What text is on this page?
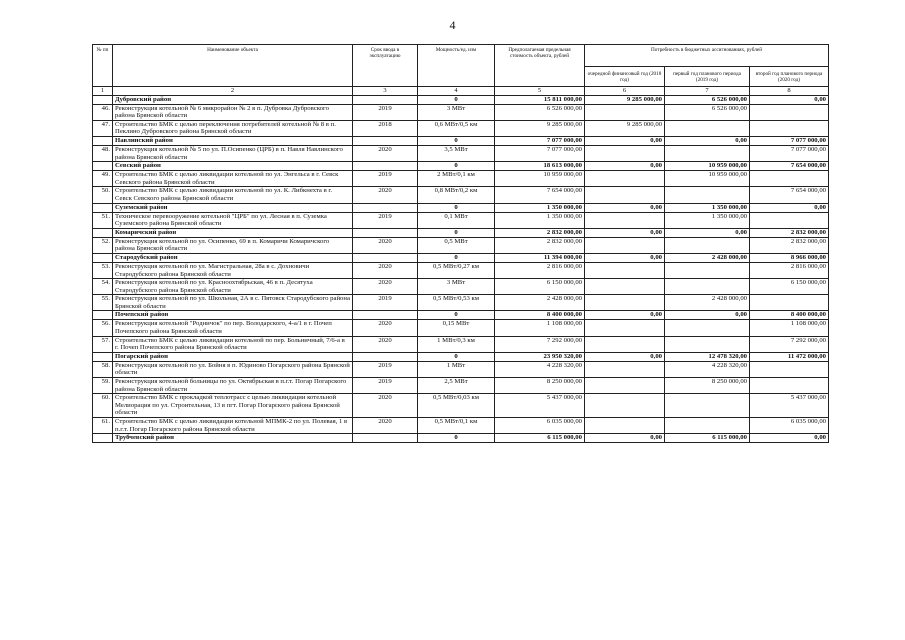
4
№ пп	Наименование объекта	Срок ввода в эксплуатацию	Мощность/ед. изм	Предполагаемая предельная стоимость объекта, рублей	Потребность в бюджетных ассигнованиях, рублей		
					очередной финансовый год (2018 год)	первый год планового периода (2019 год)	второй год планового периода (2020 год)
1	2	3	4	5	6	7	8
	Дубровский район		0	15 811 000,00	9 285 000,00	6 526 000,00	0,00
46.	Реконструкция котельной № 6 микрорайон № 2 в п. Дубровка Дубровского района Брянской области	2019	3 МВт	6 526 000,00		6 526 000,00	
47.	Строительство БМК с целью переключения потребителей котельной № 8 в п. Пеклино Дубровского района Брянской области	2018	0,6 МВт/0,5 км	9 285 000,00	9 285 000,00		
	Навлинский район		0	7 077 000,00	0,00	0,00	7 077 000,00
48.	Реконструкция котельной № 5 по ул. П.Осипенко (ЦРБ) в п. Навля Навлинского района Брянской области	2020	3,5 МВт	7 077 000,00			7 077 000,00
	Севский район		0	18 613 000,00	0,00	10 959 000,00	7 654 000,00
49.	Строительство БМК с целью ликвидации котельной по ул. Энгельса в г. Севск Севского района Брянской области	2019	2 МВт/0,1 км	10 959 000,00		10 959 000,00	
50.	Строительство БМК с целью ликвидации котельной по ул. К. Либкнехта в г. Севск Севского района Брянской области	2020	0,8 МВт/0,2 км	7 654 000,00			7 654 000,00
	Суземский район		0	1 350 000,00	0,00	1 350 000,00	0,00
51.	Техническое перевооружение котельной "ЦРБ" по ул. Лесная в п. Суземка Суземского района Брянской области	2019	0,1 МВт	1 350 000,00		1 350 000,00	
	Комаричский район		0	2 832 000,00	0,00	0,00	2 832 000,00
52.	Реконструкция котельной по ул. Осипенко, 69 в п. Комаричи Комаричского района Брянской области	2020	0,5 МВт	2 832 000,00			2 832 000,00
	Стародубский район		0	11 394 000,00	0,00	2 428 000,00	8 966 000,00
53.	Реконструкция котельной по ул. Магистральная, 28а в с. Дохновичи Стародубского района Брянской области	2020	0,5 МВт/0,27 км	2 816 000,00			2 816 000,00
54.	Реконструкция котельной по ул. Красноохтябрьская, 46 в п. Десятуха Стародубского района Брянской области	2020	3 МВт	6 150 000,00			6 150 000,00
55.	Реконструкция котельной по ул. Школьная, 2А в с. Пятовск Стародубского района Брянской области	2019	0,5 МВт/0,53 км	2 428 000,00		2 428 000,00	
	Почепский район		0	8 400 000,00	0,00	0,00	8 400 000,00
56.	Реконструкция котельной "Родничок" по пер. Володарского, 4-а/1 в г. Почеп Почепского района Брянской области	2020	0,15 МВт	1 108 000,00			1 108 000,00
57.	Строительство БМК с целью ликвидации котельной по пер. Больничный, 7/6-а в г. Почеп Почепского района Брянской области	2020	1 МВт/0,3 км	7 292 000,00			7 292 000,00
	Погарский район		0	23 950 320,00	0,00	12 478 320,00	11 472 000,00
58.	Реконструкция котельной по ул. Бойня в п. Юдиново Погарского района Брянской области	2019	1 МВт	4 228 320,00		4 228 320,00	
59.	Реконструкция котельной больницы по ул. Октябрьская в п.г.т. Погар Погарского района Брянской области	2019	2,5 МВт	8 250 000,00		8 250 000,00	
60.	Строительство БМК с прокладкой теплотрасс с целью ликвидации котельной Мелиорация по ул. Строительная, 13 в пгт. Погар Погарского района Брянской области	2020	0,5 МВт/0,03 км	5 437 000,00			5 437 000,00
61.	Строительство БМК с целью ликвидации котельной МПМК-2 по ул. Полевая, 1 в п.г.т. Погар Погарского района Брянской области	2020	0,5 МВт/0,1 км	6 035 000,00			6 035 000,00
	Трубчевский район		0	6 115 000,00	0,00	6 115 000,00	0,00
